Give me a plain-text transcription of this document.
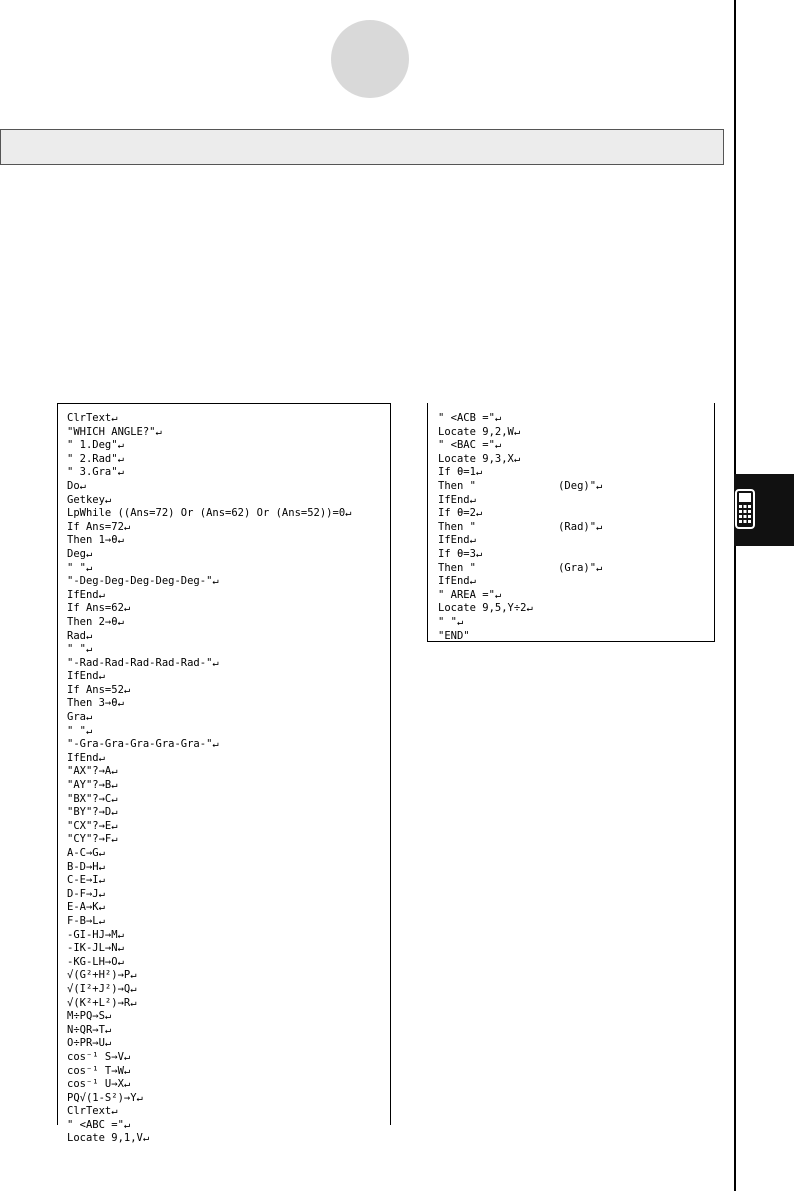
ClrText↵
"WHICH ANGLE?"↵
" 1.Deg"↵
" 2.Rad"↵
" 3.Gra"↵
Do↵
Getkey↵
LpWhile ((Ans=72) Or (Ans=62) Or (Ans=52))=0↵
If Ans=72↵
Then 1→θ↵
Deg↵
" "↵
"-Deg-Deg-Deg-Deg-Deg-"↵
IfEnd↵
If Ans=62↵
Then 2→θ↵
Rad↵
" "↵
"-Rad-Rad-Rad-Rad-Rad-"↵
IfEnd↵
If Ans=52↵
Then 3→θ↵
Gra↵
" "↵
"-Gra-Gra-Gra-Gra-Gra-"↵
IfEnd↵
"AX"?→A↵
"AY"?→B↵
"BX"?→C↵
"BY"?→D↵
"CX"?→E↵
"CY"?→F↵
A-C→G↵
B-D→H↵
C-E→I↵
D-F→J↵
E-A→K↵
F-B→L↵
-GI-HJ→M↵
-IK-JL→N↵
-KG-LH→O↵
√(G²+H²)→P↵
√(I²+J²)→Q↵
√(K²+L²)→R↵
M÷PQ→S↵
N÷QR→T↵
O÷PR→U↵
cos⁻¹ S→V↵
cos⁻¹ T→W↵
cos⁻¹ U→X↵
PQ√(1-S²)→Y↵
ClrText↵
" <ABC ="↵
Locate 9,1,V↵
" <ACB ="↵
Locate 9,2,W↵
" <BAC ="↵
Locate 9,3,X↵
If θ=1↵
Then "             (Deg)"↵
IfEnd↵
If θ=2↵
Then "             (Rad)"↵
IfEnd↵
If θ=3↵
Then "             (Gra)"↵
IfEnd↵
" AREA ="↵
Locate 9,5,Y÷2↵
" "↵
"END"
